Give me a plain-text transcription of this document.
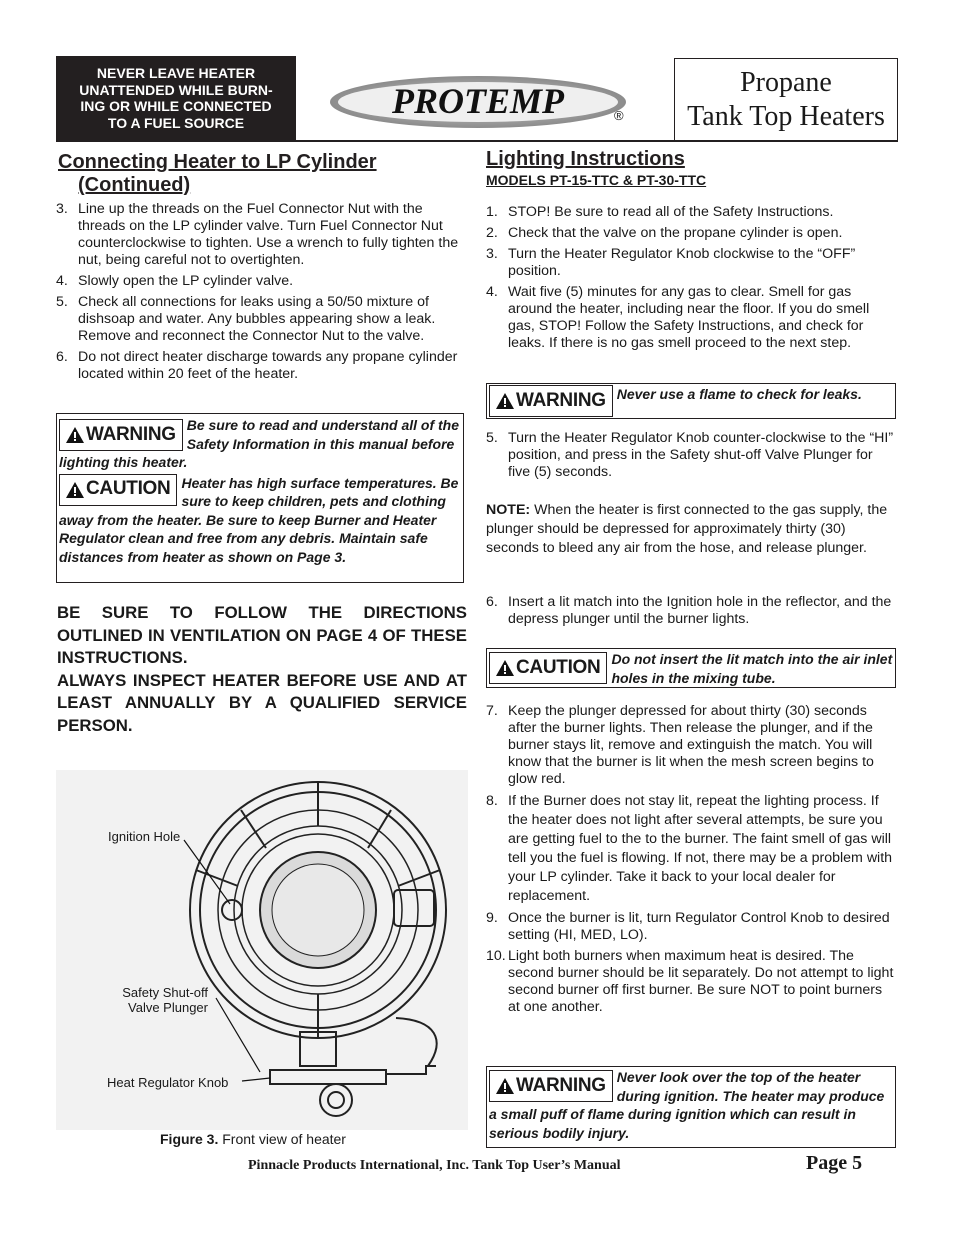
NEVER LEAVE HEATER
UNATTENDED WHILE BURN-
ING OR WHILE CONNECTED
TO A FUEL SOURCE
PROTEMP	®
Propane
Tank Top Heaters
Connecting Heater to LP Cylinder
(Continued)
3. Line up the threads on the Fuel Connector Nut with the threads on the LP cylinder valve. Turn Fuel Connector Nut counterclockwise to tighten. Use a wrench to fully tighten the nut, being careful not to overtighten.
4. Slowly open the LP cylinder valve.
5. Check all connections for leaks using a 50/50 mixture of dishsoap and water. Any bubbles appearing show a leak. Remove and reconnect the Connector Nut to the valve.
6. Do not direct heater discharge towards any propane cylinder located within 20 feet of the heater.
WARNING Be sure to read and understand all of the Safety Information in this manual before lighting this heater.
CAUTION Heater has high surface temperatures. Be sure to keep children, pets and clothing away from the heater. Be sure to keep Burner and Heater Regulator clean and free from any debris. Maintain safe distances from heater as shown on Page 3.
BE SURE TO FOLLOW THE DIRECTIONS OUTLINED IN VENTILATION ON PAGE 4 OF THESE INSTRUCTIONS.
ALWAYS INSPECT HEATER BEFORE USE AND AT LEAST ANNUALLY BY A QUALIFIED SERVICE PERSON.
Ignition Hole
Safety Shut-off
Valve Plunger
Heat Regulator Knob
Figure 3. Front view of heater
Lighting Instructions
MODELS PT-15-TTC & PT-30-TTC
1. STOP! Be sure to read all of the Safety Instructions.
2. Check that the valve on the propane cylinder is open.
3. Turn the Heater Regulator Knob clockwise to the “OFF” position.
4. Wait five (5) minutes for any gas to clear. Smell for gas around the heater, including near the floor. If you do smell gas, STOP! Follow the Safety Instructions, and check for leaks. If there is no gas smell proceed to the next step.
WARNING Never use a flame to check for leaks.
5. Turn the Heater Regulator Knob counter-clockwise to the “HI” position, and press in the Safety shut-off Valve Plunger for five (5) seconds.
NOTE: When the heater is first connected to the gas supply, the plunger should be depressed for approximately thirty (30) seconds to bleed any air from the hose, and release plunger.
6. Insert a lit match into the Ignition hole in the reflector, and the depress plunger until the burner lights.
CAUTION Do not insert the lit match into the air inlet holes in the mixing tube.
7. Keep the plunger depressed for about thirty (30) seconds after the burner lights. Then release the plunger, and if the burner stays lit, remove and extinguish the match. You will know that the burner is lit when the mesh screen begins to glow red.
8. If the Burner does not stay lit, repeat the lighting process. If the heater does not light after several attempts, be sure you are getting fuel to the to the burner. The faint smell of gas will tell you the fuel is flowing. If not, there may be a problem with your LP cylinder. Take it back to your local dealer for replacement.
9. Once the burner is lit, turn Regulator Control Knob to desired setting (HI, MED, LO).
10. Light both burners when maximum heat is desired. The second burner should be lit separately. Do not attempt to light second burner off first burner. Be sure NOT to point burners at one another.
WARNING Never look over the top of the heater during ignition. The heater may produce a small puff of flame during ignition which can result in serious bodily injury.
Pinnacle Products International, Inc. Tank Top User’s Manual	Page 5
